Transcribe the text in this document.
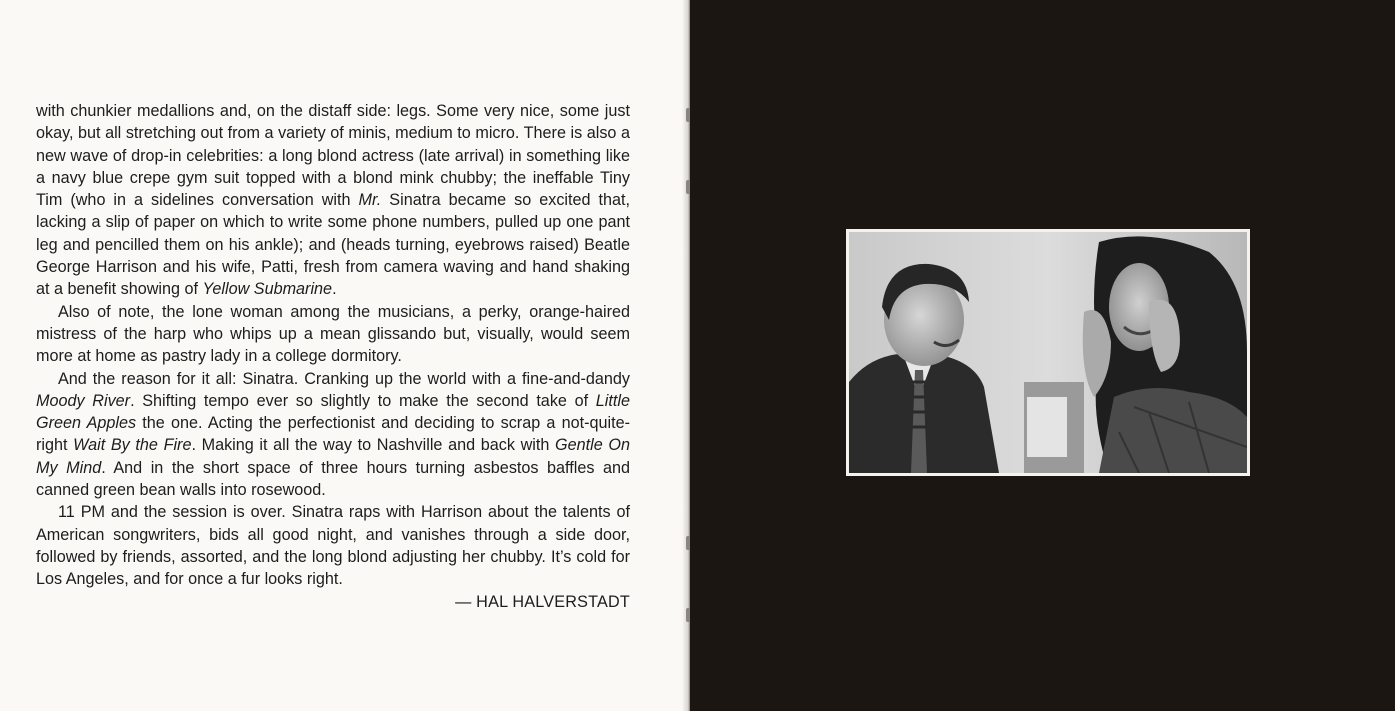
with chunkier medallions and, on the distaff side: legs. Some very nice, some just okay, but all stretching out from a variety of minis, medium to micro. There is also a new wave of drop-in celebrities: a long blond actress (late arrival) in something like a navy blue crepe gym suit topped with a blond mink chubby; the ineffable Tiny Tim (who in a sidelines conversation with Mr. Sinatra became so excited that, lacking a slip of paper on which to write some phone numbers, pulled up one pant leg and pencilled them on his ankle); and (heads turning, eyebrows raised) Beatle George Harrison and his wife, Patti, fresh from camera waving and hand shaking at a benefit showing of Yellow Submarine.

Also of note, the lone woman among the musicians, a perky, orange-haired mistress of the harp who whips up a mean glissando but, visually, would seem more at home as pastry lady in a college dormitory.

And the reason for it all: Sinatra. Cranking up the world with a fine-and-dandy Moody River. Shifting tempo ever so slightly to make the second take of Little Green Apples the one. Acting the perfectionist and deciding to scrap a not-quite-right Wait By the Fire. Making it all the way to Nashville and back with Gentle On My Mind. And in the short space of three hours turning asbestos baffles and canned green bean walls into rosewood.

11 PM and the session is over. Sinatra raps with Harrison about the talents of American songwriters, bids all good night, and vanishes through a side door, followed by friends, assorted, and the long blond adjusting her chubby. It’s cold for Los Angeles, and for once a fur looks right.

— HAL HALVERSTADT
